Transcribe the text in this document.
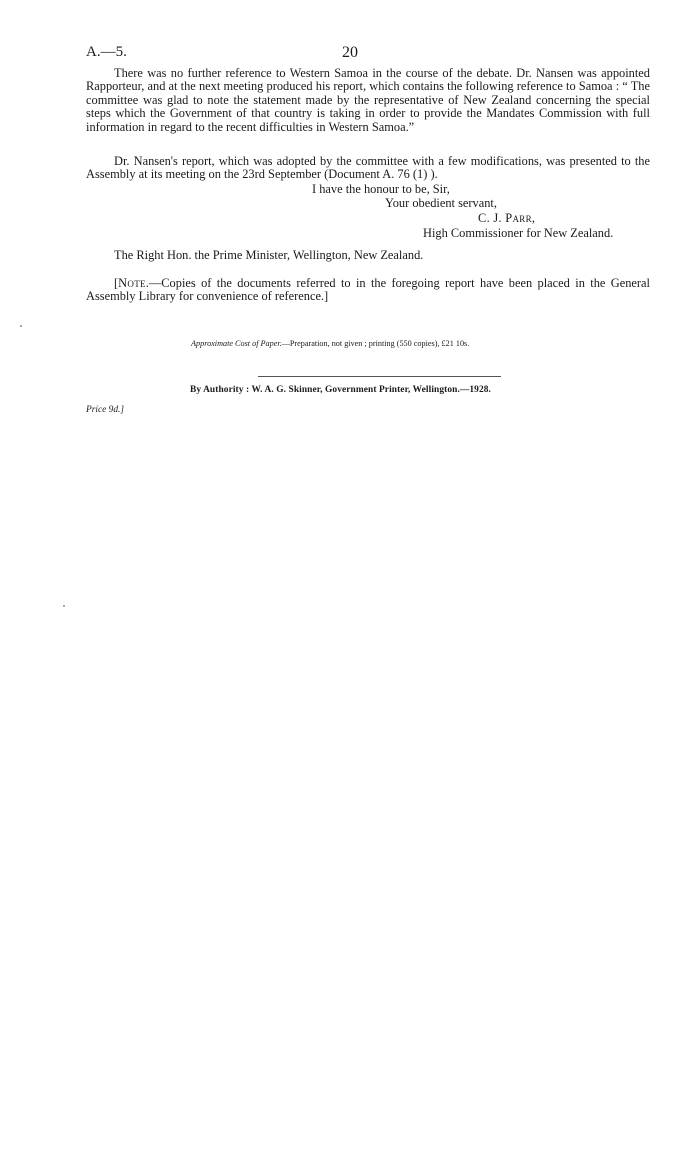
A.—5.	20

There was no further reference to Western Samoa in the course of the debate. Dr. Nansen was appointed Rapporteur, and at the next meeting produced his report, which contains the following reference to Samoa : “ The committee was glad to note the statement made by the representative of New Zealand concerning the special steps which the Government of that country is taking in order to provide the Mandates Commission with full information in regard to the recent difficulties in Western Samoa.”

Dr. Nansen's report, which was adopted by the committee with a few modifications, was presented to the Assembly at its meeting on the 23rd September (Document A. 76 (1) ).

I have the honour to be, Sir,
Your obedient servant,
C. J. Parr,
High Commissioner for New Zealand.
The Right Hon. the Prime Minister, Wellington, New Zealand.

[Note.—Copies of the documents referred to in the foregoing report have been placed in the General Assembly Library for convenience of reference.]

Approximate Cost of Paper.—Preparation, not given ; printing (550 copies), £21 10s.
By Authority : W. A. G. Skinner, Government Printer, Wellington.—1928.
Price 9d.]
